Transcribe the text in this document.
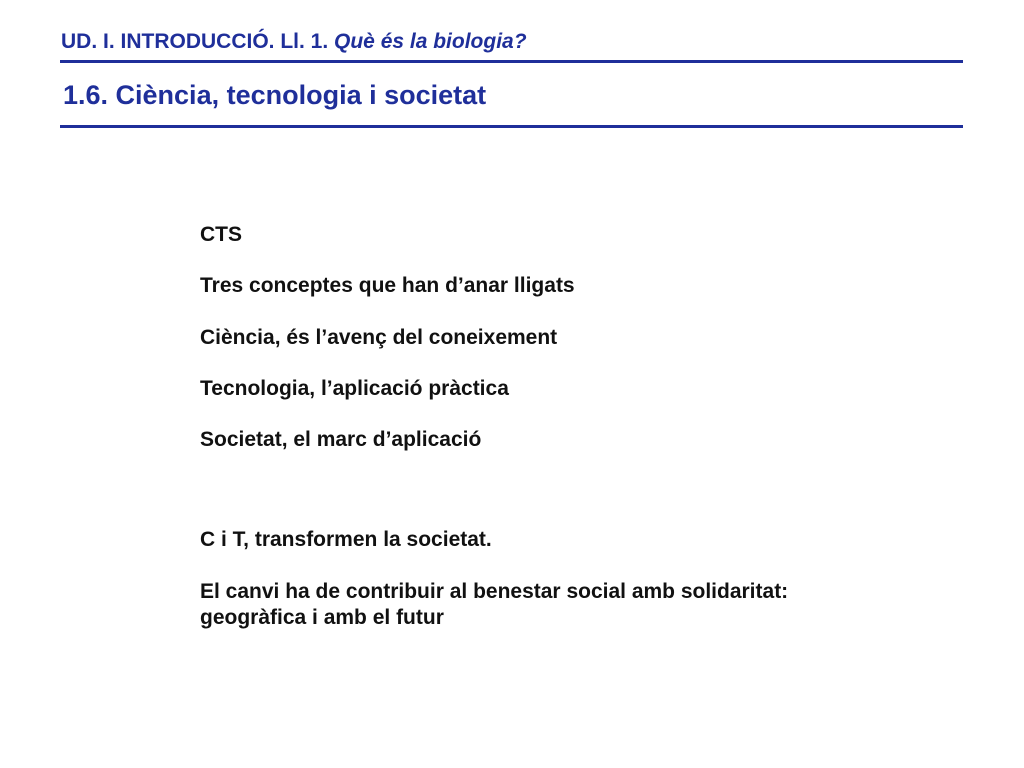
UD. I. INTRODUCCIÓ. Ll. 1. Què és la biologia?
1.6. Ciència, tecnologia i societat

CTS

Tres conceptes que han d’anar lligats

Ciència, és l’avenç del coneixement

Tecnologia, l’aplicació pràctica

Societat, el marc d’aplicació

C i T, transformen la societat.

El canvi ha de contribuir al benestar social amb solidaritat: geogràfica i amb el futur
